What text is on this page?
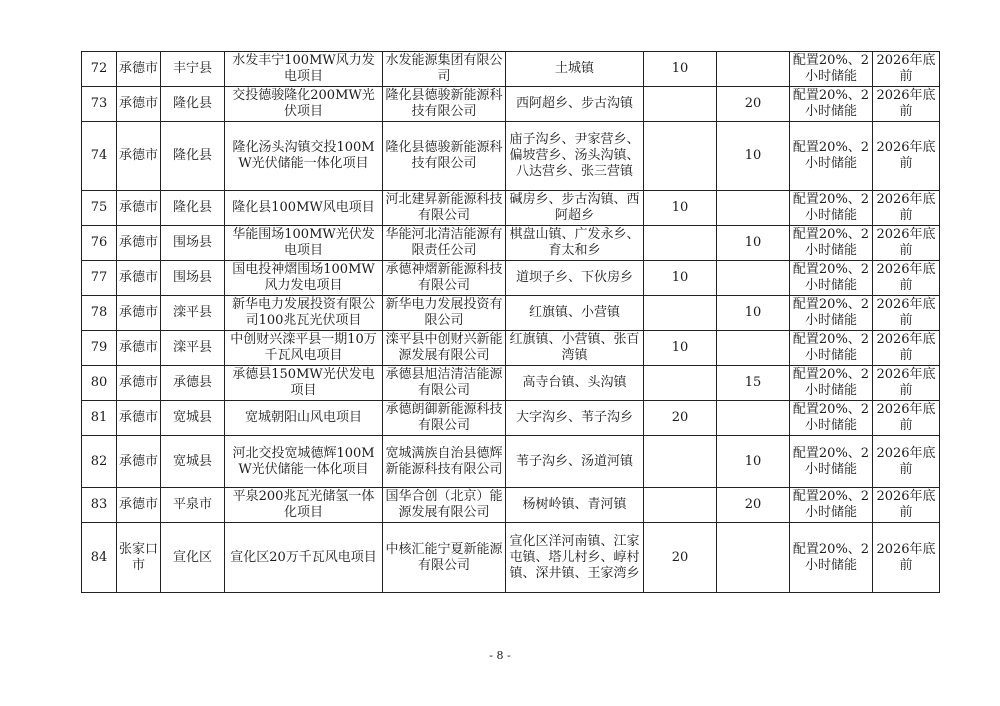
72	承德市	丰宁县	水发丰宁100MW风力发电项目	水发能源集团有限公司	土城镇	10		配置20%、2小时储能	2026年底前
73	承德市	隆化县	交投德骏隆化200MW光伏项目	隆化县德骏新能源科技有限公司	西阿超乡、步古沟镇		20	配置20%、2小时储能	2026年底前
74	承德市	隆化县	隆化汤头沟镇交投100MW光伏储能一体化项目	隆化县德骏新能源科技有限公司	庙子沟乡、尹家营乡、偏坡营乡、汤头沟镇、八达营乡、张三营镇		10	配置20%、2小时储能	2026年底前
75	承德市	隆化县	隆化县100MW风电项目	河北建昇新能源科技有限公司	碱房乡、步古沟镇、西阿超乡	10		配置20%、2小时储能	2026年底前
76	承德市	围场县	华能围场100MW光伏发电项目	华能河北清洁能源有限责任公司	棋盘山镇、广发永乡、育太和乡		10	配置20%、2小时储能	2026年底前
77	承德市	围场县	国电投神熠围场100MW风力发电项目	承德神熠新能源科技有限公司	道坝子乡、下伙房乡	10		配置20%、2小时储能	2026年底前
78	承德市	滦平县	新华电力发展投资有限公司100兆瓦光伏项目	新华电力发展投资有限公司	红旗镇、小营镇		10	配置20%、2小时储能	2026年底前
79	承德市	滦平县	中创财兴滦平县一期10万千瓦风电项目	滦平县中创财兴新能源发展有限公司	红旗镇、小营镇、张百湾镇	10		配置20%、2小时储能	2026年底前
80	承德市	承德县	承德县150MW光伏发电项目	承德县旭洁清洁能源有限公司	高寺台镇、头沟镇		15	配置20%、2小时储能	2026年底前
81	承德市	宽城县	宽城朝阳山风电项目	承德朗御新能源科技有限公司	大字沟乡、苇子沟乡	20		配置20%、2小时储能	2026年底前
82	承德市	宽城县	河北交投宽城德辉100MW光伏储能一体化项目	宽城满族自治县德辉新能源科技有限公司	苇子沟乡、汤道河镇		10	配置20%、2小时储能	2026年底前
83	承德市	平泉市	平泉200兆瓦光储氢一体化项目	国华合创（北京）能源发展有限公司	杨树岭镇、青河镇		20	配置20%、2小时储能	2026年底前
84	张家口市	宣化区	宣化区20万千瓦风电项目	中核汇能宁夏新能源有限公司	宣化区洋河南镇、江家屯镇、塔儿村乡、崞村镇、深井镇、王家湾乡	20		配置20%、2小时储能	2026年底前
- 8 -
